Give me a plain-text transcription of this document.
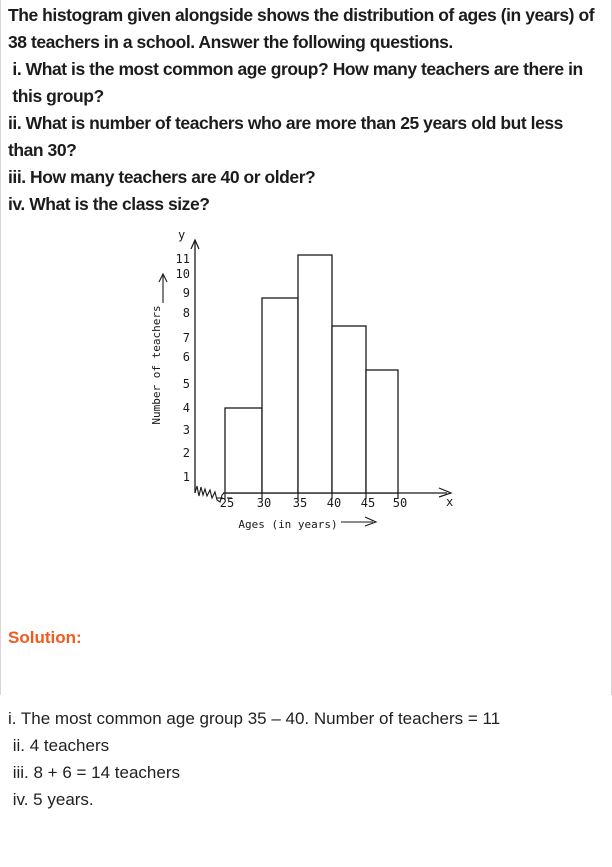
The histogram given alongside shows the distribution of ages (in years) of
38 teachers in a school. Answer the following questions.
i. What is the most common age group? How many teachers are there in
this group?
ii. What is number of teachers who are more than 25 years old but less
than 30?
iii. How many teachers are 40 or older?
iv. What is the class size?
y
x
25 30 35 40 45 50
1
2
3
4
5
6
7
8
9
10
11
Number of teachers
Ages (in years)

Solution:

i. The most common age group 35 – 40. Number of teachers = 11
ii. 4 teachers
iii. 8 + 6 = 14 teachers
iv. 5 years.
